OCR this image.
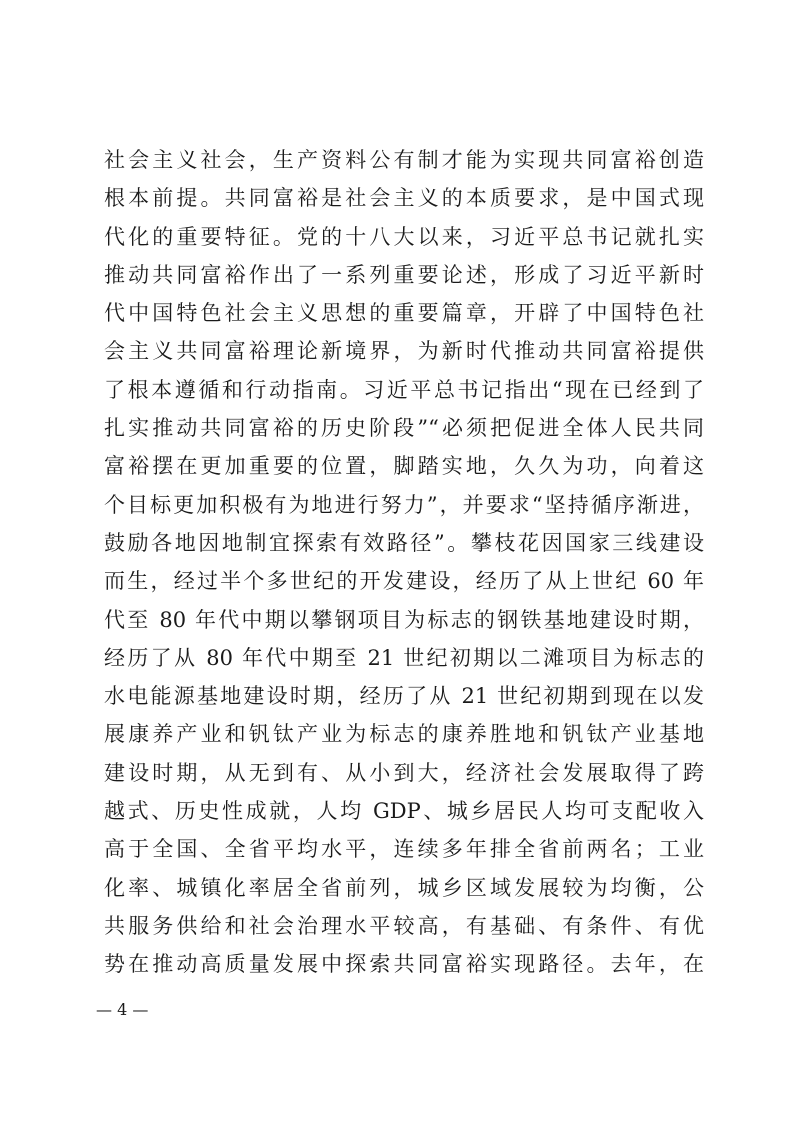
社会主义社会，生产资料公有制才能为实现共同富裕创造
根本前提。共同富裕是社会主义的本质要求，是中国式现
代化的重要特征。党的十八大以来，习近平总书记就扎实
推动共同富裕作出了一系列重要论述，形成了习近平新时
代中国特色社会主义思想的重要篇章，开辟了中国特色社
会主义共同富裕理论新境界，为新时代推动共同富裕提供
了根本遵循和行动指南。习近平总书记指出“现在已经到了
扎实推动共同富裕的历史阶段”“必须把促进全体人民共同
富裕摆在更加重要的位置，脚踏实地，久久为功，向着这
个目标更加积极有为地进行努力”，并要求“坚持循序渐进，
鼓励各地因地制宜探索有效路径”。攀枝花因国家三线建设
而生，经过半个多世纪的开发建设，经历了从上世纪 60 年
代至 80 年代中期以攀钢项目为标志的钢铁基地建设时期，
经历了从 80 年代中期至 21 世纪初期以二滩项目为标志的
水电能源基地建设时期，经历了从 21 世纪初期到现在以发
展康养产业和钒钛产业为标志的康养胜地和钒钛产业基地
建设时期，从无到有、从小到大，经济社会发展取得了跨
越式、历史性成就，人均 GDP、城乡居民人均可支配收入
高于全国、全省平均水平，连续多年排全省前两名；工业
化率、城镇化率居全省前列，城乡区域发展较为均衡，公
共服务供给和社会治理水平较高，有基础、有条件、有优
势在推动高质量发展中探索共同富裕实现路径。去年，在
— 4 —
